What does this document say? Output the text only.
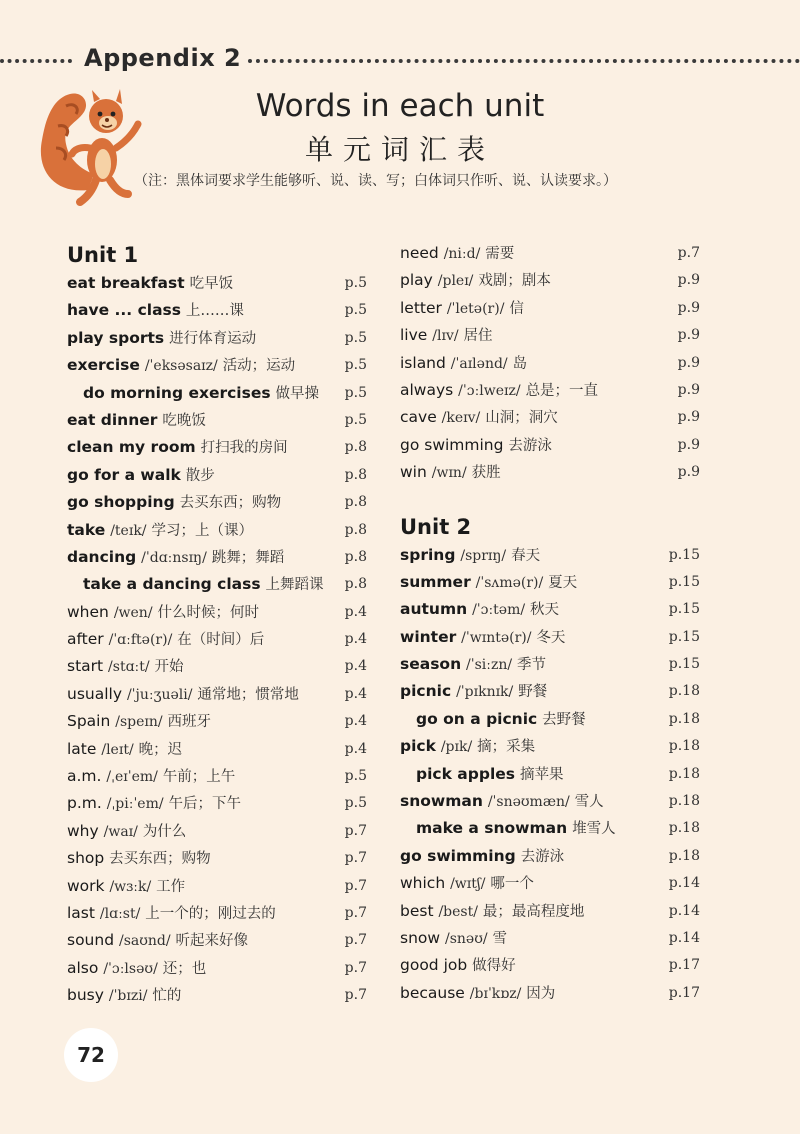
Appendix 2
Words in each unit
单元词汇表
（注：黑体词要求学生能够听、说、读、写；白体词只作听、说、认读要求。）
Unit 1
eat breakfast 吃早饭	p.5
have ... class 上……课	p.5
play sports 进行体育运动	p.5
exercise /ˈeksəsaɪz/ 活动；运动	p.5
do morning exercises 做早操 p.5
eat dinner 吃晚饭	p.5
clean my room 打扫我的房间	p.8
go for a walk 散步	p.8
go shopping 去买东西；购物	p.8
take /teɪk/ 学习；上（课）	p.8
dancing /ˈdɑːnsɪŋ/ 跳舞；舞蹈	p.8
take a dancing class 上舞蹈课 p.8
when /wen/ 什么时候；何时	p.4
after /ˈɑːftə(r)/ 在（时间）后	p.4
start /stɑːt/ 开始	p.4
usually /ˈjuːʒuəli/ 通常地；惯常地	p.4
Spain /speɪn/ 西班牙	p.4
late /leɪt/ 晚；迟	p.4
a.m. /ˌeɪˈem/ 午前；上午	p.5
p.m. /ˌpiːˈem/ 午后；下午	p.5
why /waɪ/ 为什么	p.7
shop 去买东西；购物	p.7
work /wɜːk/ 工作	p.7
last /lɑːst/ 上一个的；刚过去的	p.7
sound /saʊnd/ 听起来好像	p.7
also /ˈɔːlsəʊ/ 还；也	p.7
busy /ˈbɪzi/ 忙的	p.7
need /niːd/ 需要	p.7
play /pleɪ/ 戏剧；剧本	p.9
letter /ˈletə(r)/ 信	p.9
live /lɪv/ 居住	p.9
island /ˈaɪlənd/ 岛	p.9
always /ˈɔːlweɪz/ 总是；一直	p.9
cave /keɪv/ 山洞；洞穴	p.9
go swimming 去游泳	p.9
win /wɪn/ 获胜	p.9
Unit 2
spring /sprɪŋ/ 春天	p.15
summer /ˈsʌmə(r)/ 夏天	p.15
autumn /ˈɔːtəm/ 秋天	p.15
winter /ˈwɪntə(r)/ 冬天	p.15
season /ˈsiːzn/ 季节	p.15
picnic /ˈpɪknɪk/ 野餐	p.18
go on a picnic 去野餐	p.18
pick /pɪk/ 摘；采集	p.18
pick apples 摘苹果	p.18
snowman /ˈsnəʊmæn/ 雪人	p.18
make a snowman 堆雪人	p.18
go swimming 去游泳	p.18
which /wɪtʃ/ 哪一个	p.14
best /best/ 最；最高程度地	p.14
snow /snəʊ/ 雪	p.14
good job 做得好	p.17
because /bɪˈkɒz/ 因为	p.17
72
